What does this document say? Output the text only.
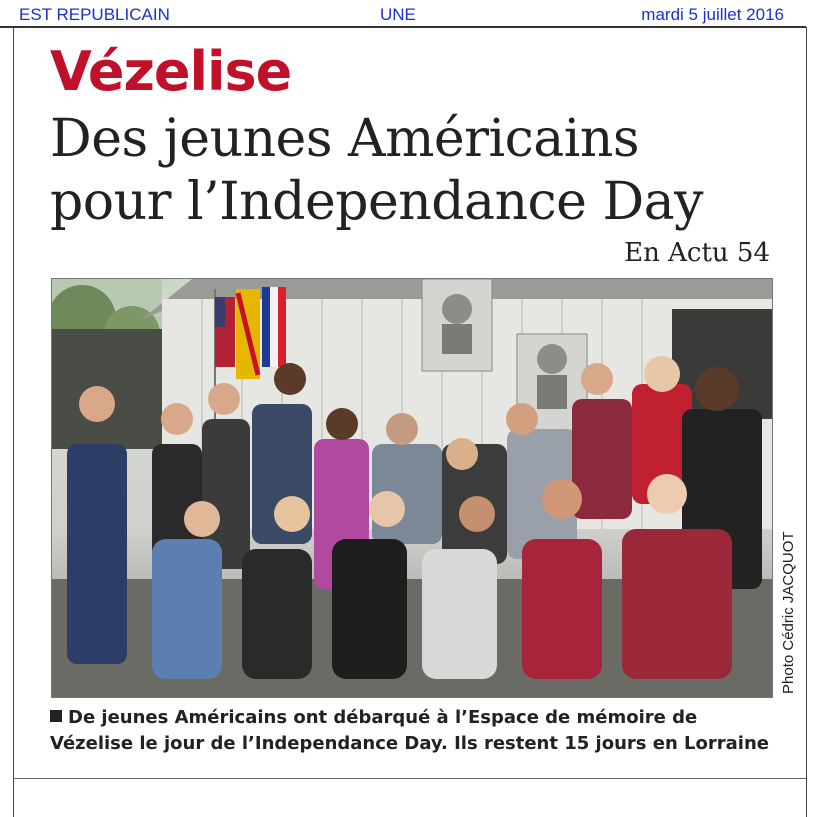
EST REPUBLICAIN	UNE	mardi 5 juillet 2016
Vézelise
Des jeunes Américains
pour l’Independance Day
En Actu 54
Photo Cédric JACQUOT
De jeunes Américains ont débarqué à l’Espace de mémoire de
Vézelise le jour de l’Independance Day. Ils restent 15 jours en Lorraine
